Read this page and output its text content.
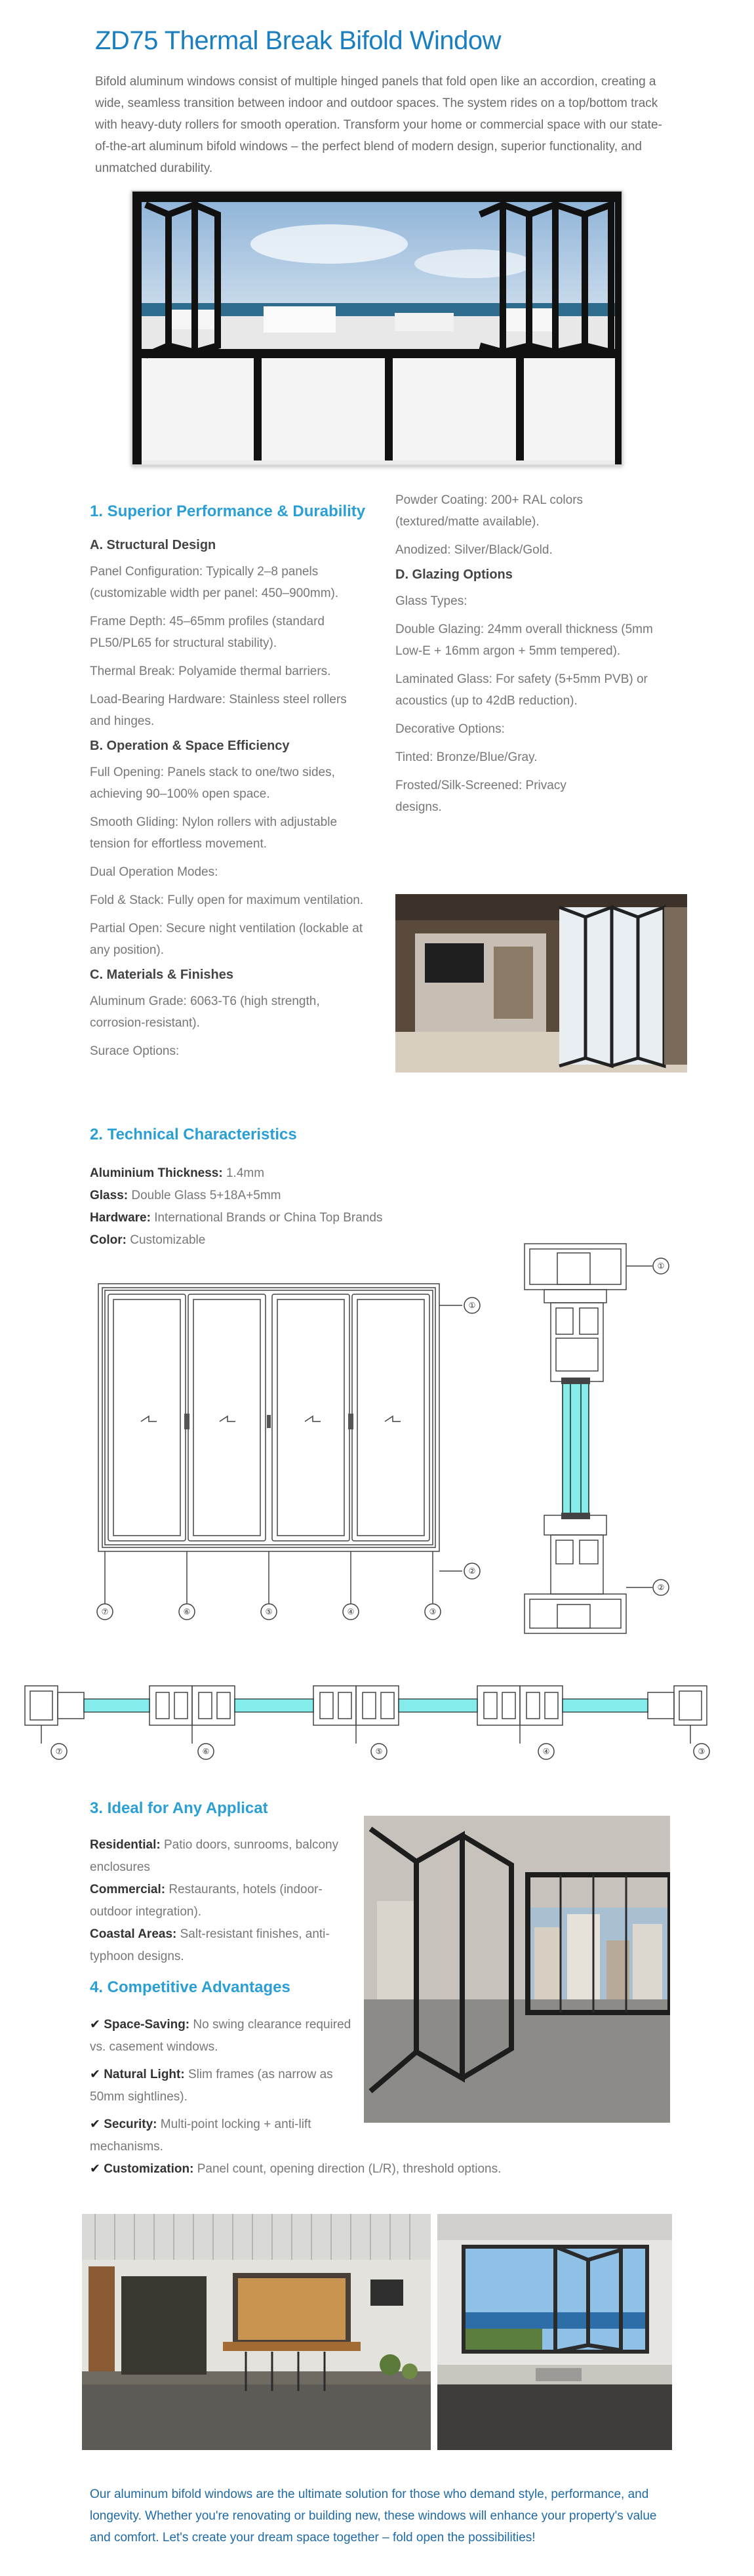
ZD75 Thermal Break Bifold Window

Bifold aluminum windows consist of multiple hinged panels that fold open like an accordion, creating a wide, seamless transition between indoor and outdoor spaces. The system rides on a top/bottom track with heavy-duty rollers for smooth operation. Transform your home or commercial space with our state-of-the-art aluminum bifold windows – the perfect blend of modern design, superior functionality, and unmatched durability.

1. Superior Performance & Durability
A. Structural Design
Panel Configuration: Typically 2–8 panels (customizable width per panel: 450–900mm).
Frame Depth: 45–65mm profiles (standard PL50/PL65 for structural stability).
Thermal Break: Polyamide thermal barriers.
Load-Bearing Hardware: Stainless steel rollers and hinges.
B. Operation & Space Efficiency
Full Opening: Panels stack to one/two sides, achieving 90–100% open space.
Smooth Gliding: Nylon rollers with adjustable tension for effortless movement.
Dual Operation Modes:
Fold & Stack: Fully open for maximum ventilation.
Partial Open: Secure night ventilation (lockable at any position).
C. Materials & Finishes
Aluminum Grade: 6063-T6 (high strength, corrosion-resistant).
Surace Options:
Powder Coating: 200+ RAL colors (textured/matte available).
Anodized: Silver/Black/Gold.
D. Glazing Options
Glass Types:
Double Glazing: 24mm overall thickness (5mm Low-E + 16mm argon + 5mm tempered).
Laminated Glass: For safety (5+5mm PVB) or acoustics (up to 42dB reduction).
Decorative Options:
Tinted: Bronze/Blue/Gray.
Frosted/Silk-Screened: Privacy designs.
2. Technical Characteristics
Aluminium Thickness: 1.4mm
Glass: Double Glass 5+18A+5mm
Hardware: International Brands or China Top Brands
Color: Customizable
①
②
⑦	⑥	⑤	④	③
①
②
⑦	⑥	⑤	④	③
3. Ideal for Any Applicat
Residential: Patio doors, sunrooms, balcony enclosures
Commercial: Restaurants, hotels (indoor-outdoor integration).
Coastal Areas: Salt-resistant finishes, anti-typhoon designs.
4. Competitive Advantages
✔ Space-Saving: No swing clearance required vs. casement windows.
✔ Natural Light: Slim frames (as narrow as 50mm sightlines).
✔ Security: Multi-point locking + anti-lift mechanisms.
✔ Customization: Panel count, opening direction (L/R), threshold options.

Our aluminum bifold windows are the ultimate solution for those who demand style, performance, and longevity. Whether you're renovating or building new, these windows will enhance your property's value and comfort. Let's create your dream space together – fold open the possibilities!
